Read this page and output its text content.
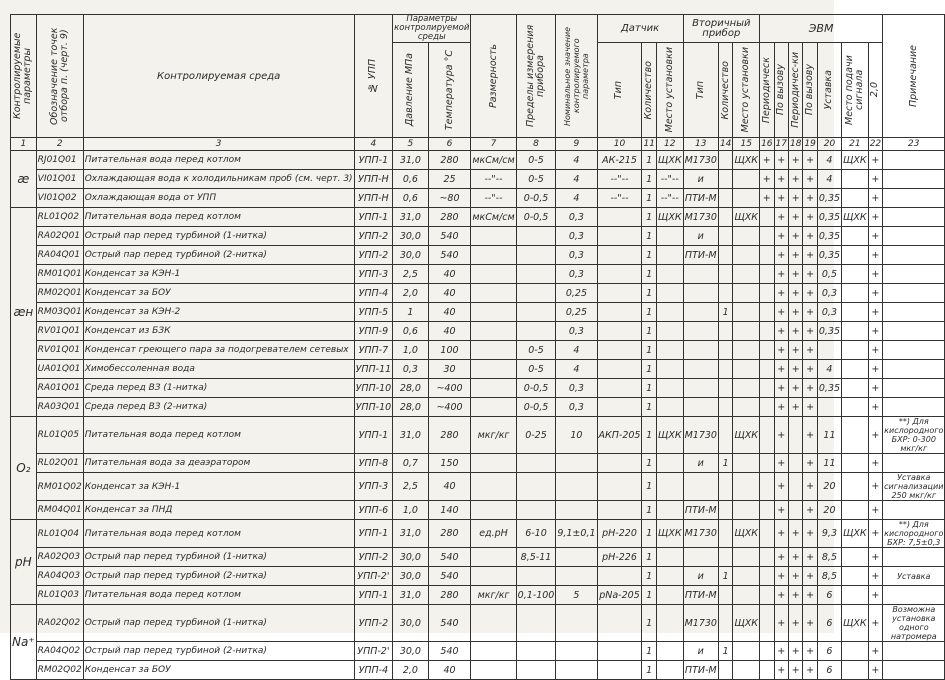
Контролируемые параметры	Обозначение точек отбора п. (черт. 9)	Контролируемая среда	№ УПП	Параметры контролируемой среды		Размерность	Пределы измерения прибора	Номинальное значение контролируемого параметра	Датчик			Вторичный прибор			ЭВМ							Примечание

				Давление МПа	Температура °С				Тип	Количество	Место установки	Тип	Количество	Место установки	Периодическ	По вызову	Периодичес-ки	По вызову	Уставка	Место подачи сигнала	2,0	

1	2	3	4	5	6	7	8	9	10	11	12	13	14	15	16	17	18	19	20	21	22	23
æ	RJ01Q01	Питательная вода перед котлом	УПП-1	31,0	280	мкСм/см	0-5	4	АК-215	1	ЩХК	М1730		ЩХК	+	+	+	+	4	ЩХК	+	
	VI01Q01	Охлаждающая вода к холодильникам проб (см. черт. 3)	УПП-Н	0,6	25	--"--	0-5	4	--"--	1	--"--	и			+	+	+	+	4		+	
	VI01Q02	Охлаждающая вода от УПП	УПП-Н	0,6	~80	--"--	0-0,5	4	--"--	1	--"--	ПТИ-М			+	+	+	+	0,35		+	
æн	RL01Q02	Питательная вода перед котлом	УПП-1	31,0	280	мкСм/см	0-0,5	0,3		1	ЩХК	М1730		ЩХК		+	+	+	0,35	ЩХК	+	
	RA02Q01	Острый пар перед турбиной (1-нитка)	УПП-2	30,0	540			0,3		1		и				+	+	+	0,35		+	
	RA04Q01	Острый пар перед турбиной (2-нитка)	УПП-2	30,0	540			0,3		1		ПТИ-М				+	+	+	0,35		+	
	RM01Q01	Конденсат за КЭН-1	УПП-3	2,5	40			0,3		1						+	+	+	0,5		+	
	RM02Q01	Конденсат за БОУ	УПП-4	2,0	40			0,25		1						+	+	+	0,3		+	
	RM03Q01	Конденсат за КЭН-2	УПП-5	1	40			0,25		1			1			+	+	+	0,3		+	
	RV01Q01	Конденсат из БЗК	УПП-9	0,6	40			0,3		1						+	+	+	0,35		+	
	RV01Q01	Конденсат греющего пара за подогревателем сетевых	УПП-7	1,0	100		0-5	4		1						+	+	+			+	
	UA01Q01	Химобессоленная вода	УПП-11	0,3	30		0-5	4		1						+	+	+	4		+	
	RA01Q01	Среда перед ВЗ (1-нитка)	УПП-10	28,0	~400		0-0,5	0,3		1						+	+	+	0,35		+	
	RA03Q01	Среда перед ВЗ (2-нитка)	УПП-10	28,0	~400		0-0,5	0,3		1						+	+	+			+	
O₂	RL01Q05	Питательная вода перед котлом	УПП-1	31,0	280	мкг/кг	0-25	10	АКП-205	1	ЩХК	М1730		ЩХК		+		+	11		+	**) Для кислородного БХР: 0-300 мкг/кг
	RL02Q01	Питательная вода за деаэратором	УПП-8	0,7	150					1		и	1			+		+	11		+	
	RM01Q02	Конденсат за КЭН-1	УПП-3	2,5	40					1						+		+	20		+	Уставка сигнализации 250 мкг/кг
	RM04Q01	Конденсат за ПНД	УПП-6	1,0	140					1		ПТИ-М				+		+	20		+	
pH	RL01Q04	Питательная вода перед котлом	УПП-1	31,0	280	ед.рН	6-10	9,1±0,1	рН-220	1	ЩХК	М1730		ЩХК		+	+	+	9,3	ЩХК	+	**) Для кислородного БХР: 7,5±0,3
	RA02Q03	Острый пар перед турбиной (1-нитка)	УПП-2	30,0	540		8,5-11		рН-226	1						+	+	+	8,5		+	
	RA04Q03	Острый пар перед турбиной (2-нитка)	УПП-2'	30,0	540					1		и	1			+	+	+	8,5		+	Уставка
	RL01Q03	Питательная вода перед котлом	УПП-1	31,0	280	мкг/кг	0,1-100	5	рNa-205	1		ПТИ-М				+	+	+	6		+	
Na⁺	RA02Q02	Острый пар перед турбиной (1-нитка)	УПП-2	30,0	540					1		М1730		ЩХК		+	+	+	6	ЩХК	+	Возможна установка одного натромера
	RA04Q02	Острый пар перед турбиной (2-нитка)	УПП-2'	30,0	540					1		и	1			+	+	+	6		+	
	RM02Q02	Конденсат за БОУ	УПП-4	2,0	40					1		ПТИ-М				+	+	+	6		+	
